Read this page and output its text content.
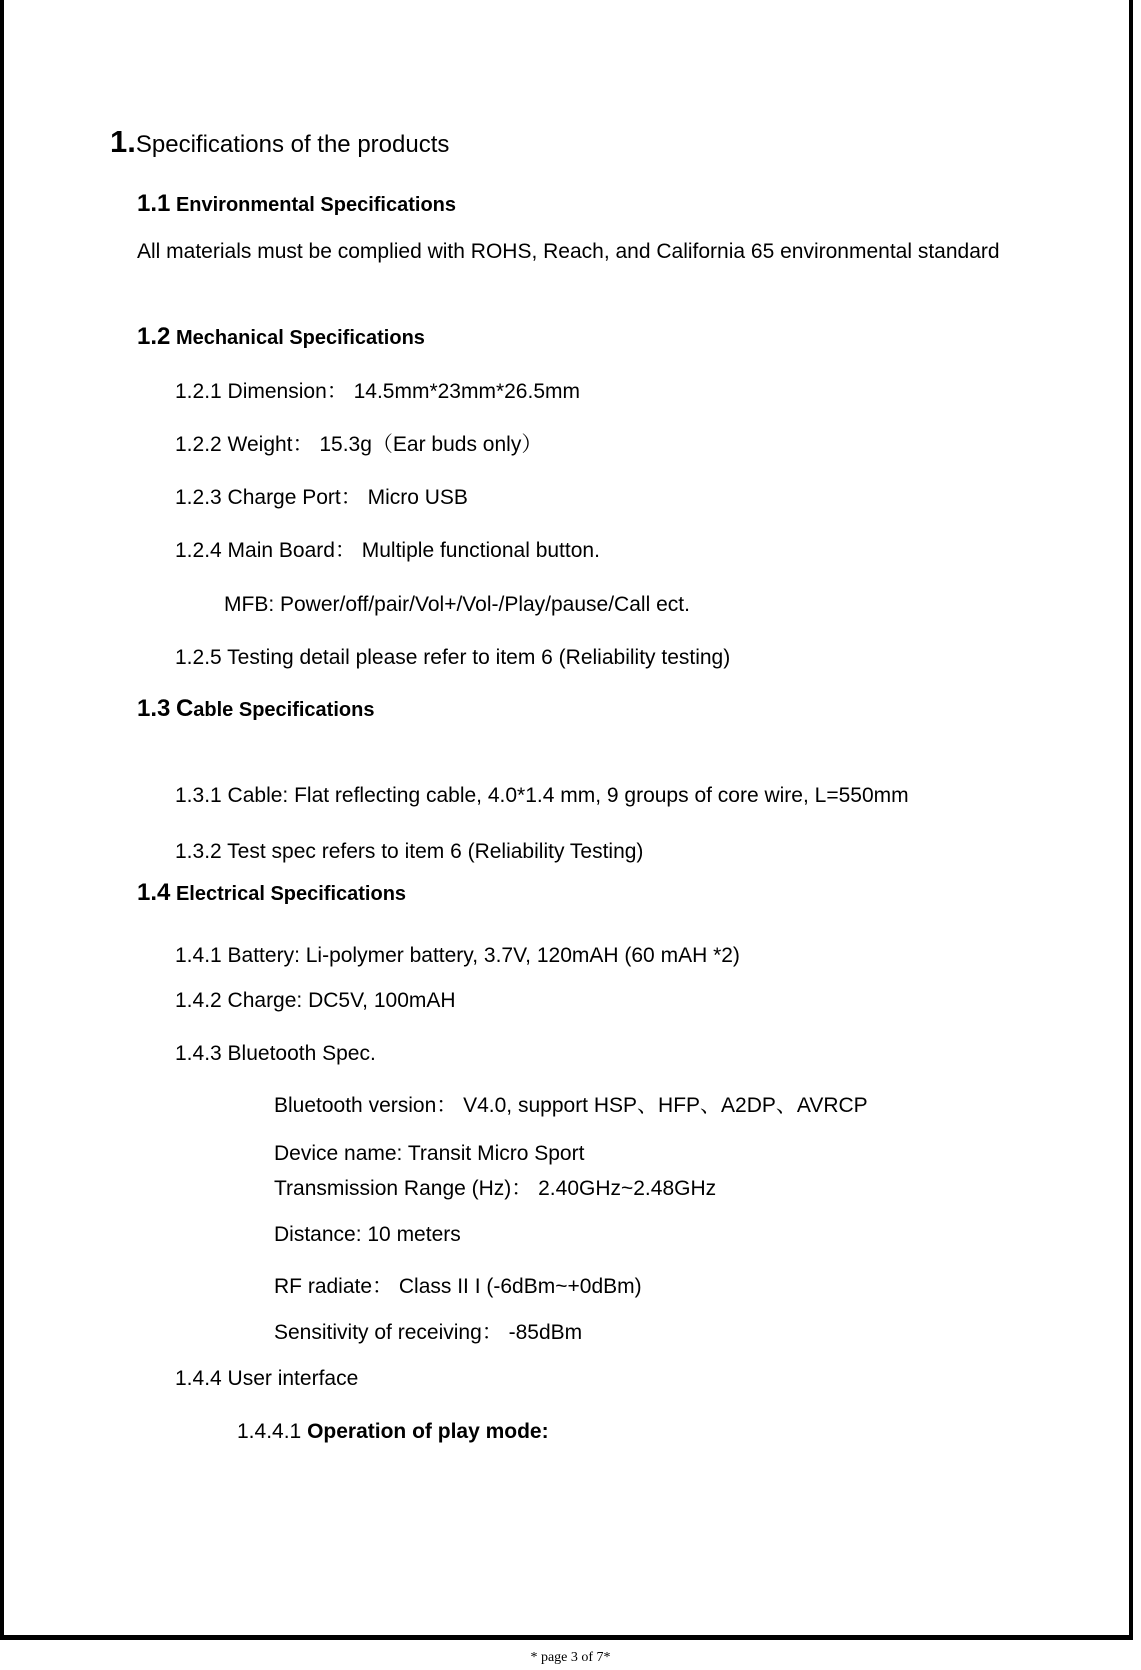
1.Specifications of the products
1.1 Environmental Specifications
All materials must be complied with ROHS, Reach, and California 65 environmental standard
1.2 Mechanical Specifications
1.2.1 Dimension： 14.5mm*23mm*26.5mm
1.2.2 Weight： 15.3g（Ear buds only）
1.2.3 Charge Port： Micro USB
1.2.4 Main Board： Multiple functional button.
MFB: Power/off/pair/Vol+/Vol-/Play/pause/Call ect.
1.2.5 Testing detail please refer to item 6 (Reliability testing)
1.3 Cable Specifications
1.3.1 Cable: Flat reflecting cable, 4.0*1.4 mm, 9 groups of core wire, L=550mm
1.3.2 Test spec refers to item 6 (Reliability Testing)
1.4 Electrical Specifications
1.4.1 Battery: Li-polymer battery, 3.7V, 120mAH (60 mAH *2)
1.4.2 Charge: DC5V, 100mAH
1.4.3 Bluetooth Spec.
Bluetooth version： V4.0, support HSP、HFP、A2DP、AVRCP
Device name: Transit Micro Sport
Transmission Range (Hz)： 2.40GHz~2.48GHz
Distance: 10 meters
RF radiate： Class II I (-6dBm~+0dBm)
Sensitivity of receiving： -85dBm
1.4.4 User interface
1.4.4.1 Operation of play mode:
* page 3 of 7*
